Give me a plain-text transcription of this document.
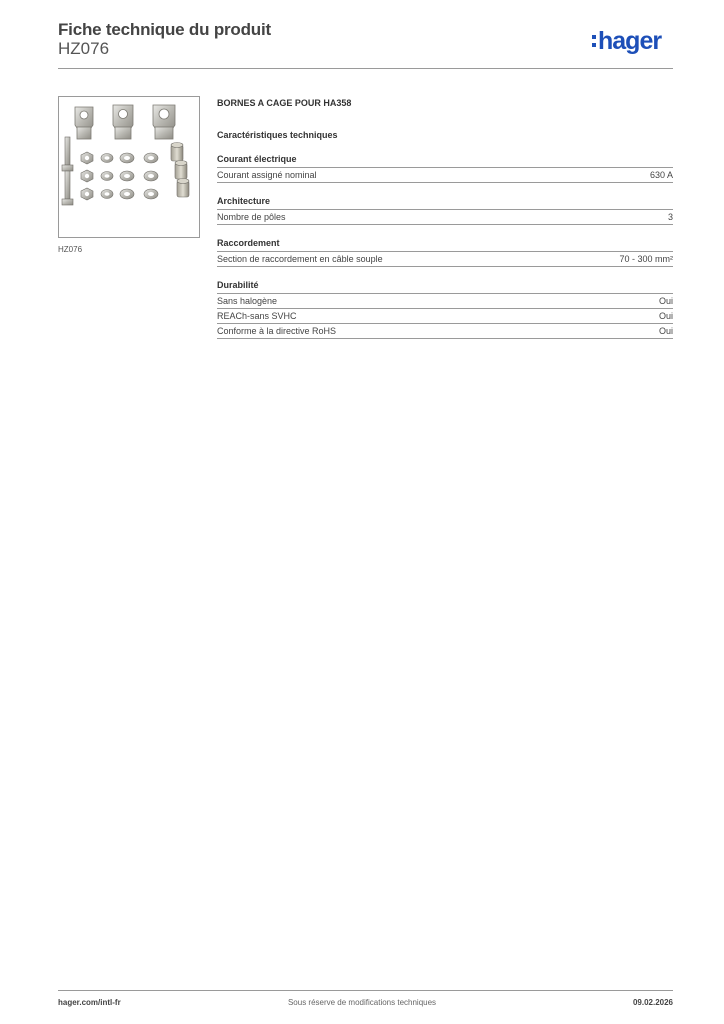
Fiche technique du produit
HZ076	hager
HZ076
BORNES A CAGE POUR HA358
Caractéristiques techniques
Courant électrique
Courant assigné nominal	630 A
Architecture
Nombre de pôles	3
Raccordement
Section de raccordement en câble souple	70 - 300 mm²
Durabilité
Sans halogène	Oui
REACh-sans SVHC	Oui
Conforme à la directive RoHS	Oui
hager.com/intl-fr	Sous réserve de modifications techniques	09.02.2026
